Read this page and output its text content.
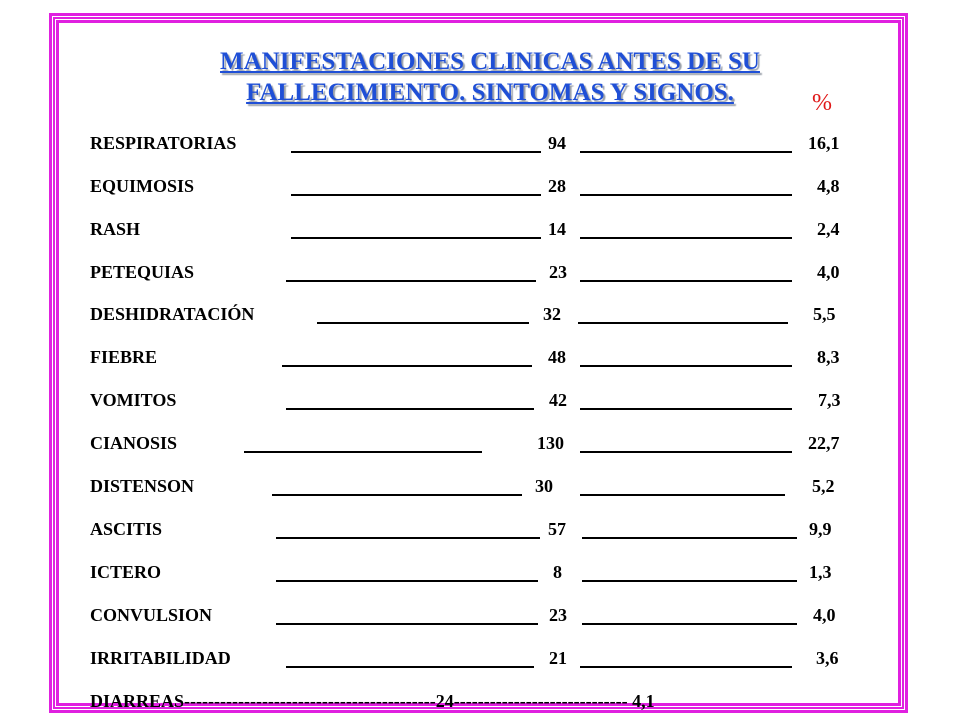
MANIFESTACIONES CLINICAS ANTES DE SU
FALLECIMIENTO. SINTOMAS Y SIGNOS.	%
RESPIRATORIAS	94	16,1
EQUIMOSIS	28	4,8
RASH	14	2,4
PETEQUIAS	23	4,0
DESHIDRATACIÓN	32	5,5
FIEBRE	48	8,3
VOMITOS	42	7,3
CIANOSIS	130	22,7
DISTENSON	30	5,2
ASCITIS	57	9,9
ICTERO	8	1,3
CONVULSION	23	4,0
IRRITABILIDAD	21	3,6
DIARREAS------------------------------------------24----------------------------- 4,1
